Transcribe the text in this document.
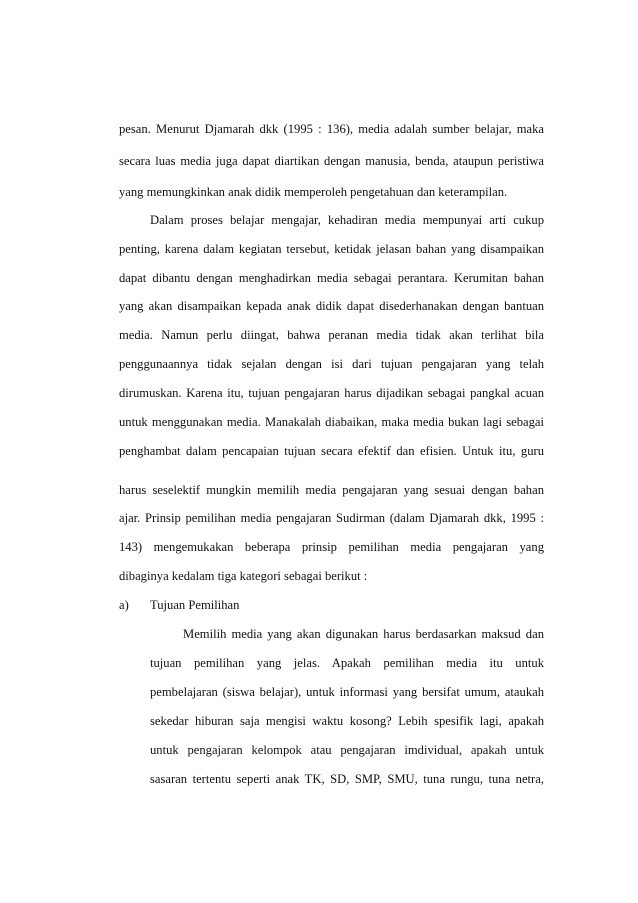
pesan. Menurut Djamarah dkk (1995 : 136), media adalah sumber belajar, maka
secara luas media juga dapat diartikan dengan manusia, benda, ataupun peristiwa
yang memungkinkan anak didik memperoleh pengetahuan dan keterampilan.
Dalam proses belajar mengajar, kehadiran media mempunyai arti cukup
penting, karena dalam kegiatan tersebut, ketidak jelasan bahan yang disampaikan
dapat dibantu dengan menghadirkan media sebagai perantara. Kerumitan bahan
yang akan disampaikan kepada anak didik dapat disederhanakan dengan bantuan
media. Namun perlu diingat, bahwa peranan media tidak akan terlihat bila
penggunaannya tidak sejalan dengan isi dari tujuan pengajaran yang telah
dirumuskan. Karena itu, tujuan pengajaran harus dijadikan sebagai pangkal acuan
untuk menggunakan media. Manakalah diabaikan, maka media bukan lagi sebagai
penghambat dalam pencapaian tujuan secara efektif dan efisien. Untuk itu, guru
harus seselektif mungkin memilih media pengajaran yang sesuai dengan bahan
ajar. Prinsip pemilihan media pengajaran Sudirman (dalam Djamarah dkk, 1995 :
143) mengemukakan beberapa prinsip pemilihan media pengajaran yang
dibaginya kedalam tiga kategori sebagai berikut :
a) Tujuan Pemilihan
Memilih media yang akan digunakan harus berdasarkan maksud dan
tujuan pemilihan yang jelas. Apakah pemilihan media itu untuk
pembelajaran (siswa belajar), untuk informasi yang bersifat umum, ataukah
sekedar hiburan saja mengisi waktu kosong? Lebih spesifik lagi, apakah
untuk pengajaran kelompok atau pengajaran imdividual, apakah untuk
sasaran tertentu seperti anak TK, SD, SMP, SMU, tuna rungu, tuna netra,
